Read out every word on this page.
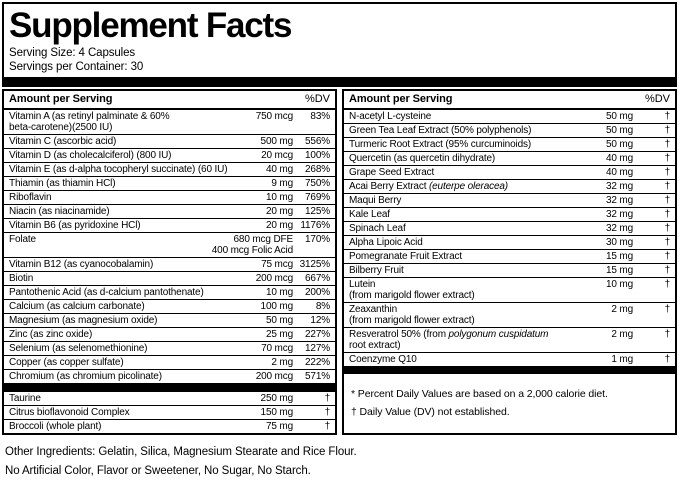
Supplement Facts
Serving Size: 4 Capsules
Servings per Container: 30
Amount per Serving	%DV
Vitamin A (as retinyl palminate & 60%
beta-carotene)(2500 IU)
750 mcg	83%
Vitamin C (ascorbic acid)	500 mg	556%
Vitamin D (as cholecalciferol) (800 IU)	20 mcg	100%
Vitamin E (as d-alpha tocopheryl succinate) (60 IU)	40 mg	268%
Thiamin (as thiamin HCl)	9 mg	750%
Riboflavin	10 mg	769%
Niacin (as niacinamide)	20 mg	125%
Vitamin B6 (as pyridoxine HCl)	20 mg 1176%
Folate	680 mcg DFE
400 mcg Folic Acid
170%
Vitamin B12 (as cyanocobalamin)	75 mcg 3125%
Biotin	200 mcg	667%
Pantothenic Acid (as d-calcium pantothenate)	10 mg	200%
Calcium (as calcium carbonate)	100 mg	8%
Magnesium (as magnesium oxide)	50 mg	12%
Zinc (as zinc oxide)	25 mg	227%
Selenium (as selenomethionine)	70 mcg	127%
Copper (as copper sulfate)	2 mg	222%
Chromium (as chromium picolinate)	200 mcg	571%
Taurine	250 mg	†
Citrus bioflavonoid Complex	150 mg	†
Broccoli (whole plant)	75 mg	†
Amount per Serving	%DV
N-acetyl L-cysteine	50 mg	†
Green Tea Leaf Extract (50% polyphenols)	50 mg	†
Turmeric Root Extract (95% curcuminoids)	50 mg	†
Quercetin (as quercetin dihydrate)	40 mg	†
Grape Seed Extract	40 mg	†
Acai Berry Extract (euterpe oleracea)	32 mg	†
Maqui Berry	32 mg	†
Kale Leaf	32 mg	†
Spinach Leaf	32 mg	†
Alpha Lipoic Acid	30 mg	†
Pomegranate Fruit Extract	15 mg	†
Bilberry Fruit	15 mg	†
Lutein
(from marigold flower extract)
10 mg	†
Zeaxanthin
(from marigold flower extract)
2 mg	†
Resveratrol 50% (from polygonum cuspidatum
root extract)
2 mg	†
Coenzyme Q10	1 mg	†
* Percent Daily Values are based on a 2,000 calorie diet.
† Daily Value (DV) not established.
Other Ingredients: Gelatin, Silica, Magnesium Stearate and Rice Flour.
No Artificial Color, Flavor or Sweetener, No Sugar, No Starch.
